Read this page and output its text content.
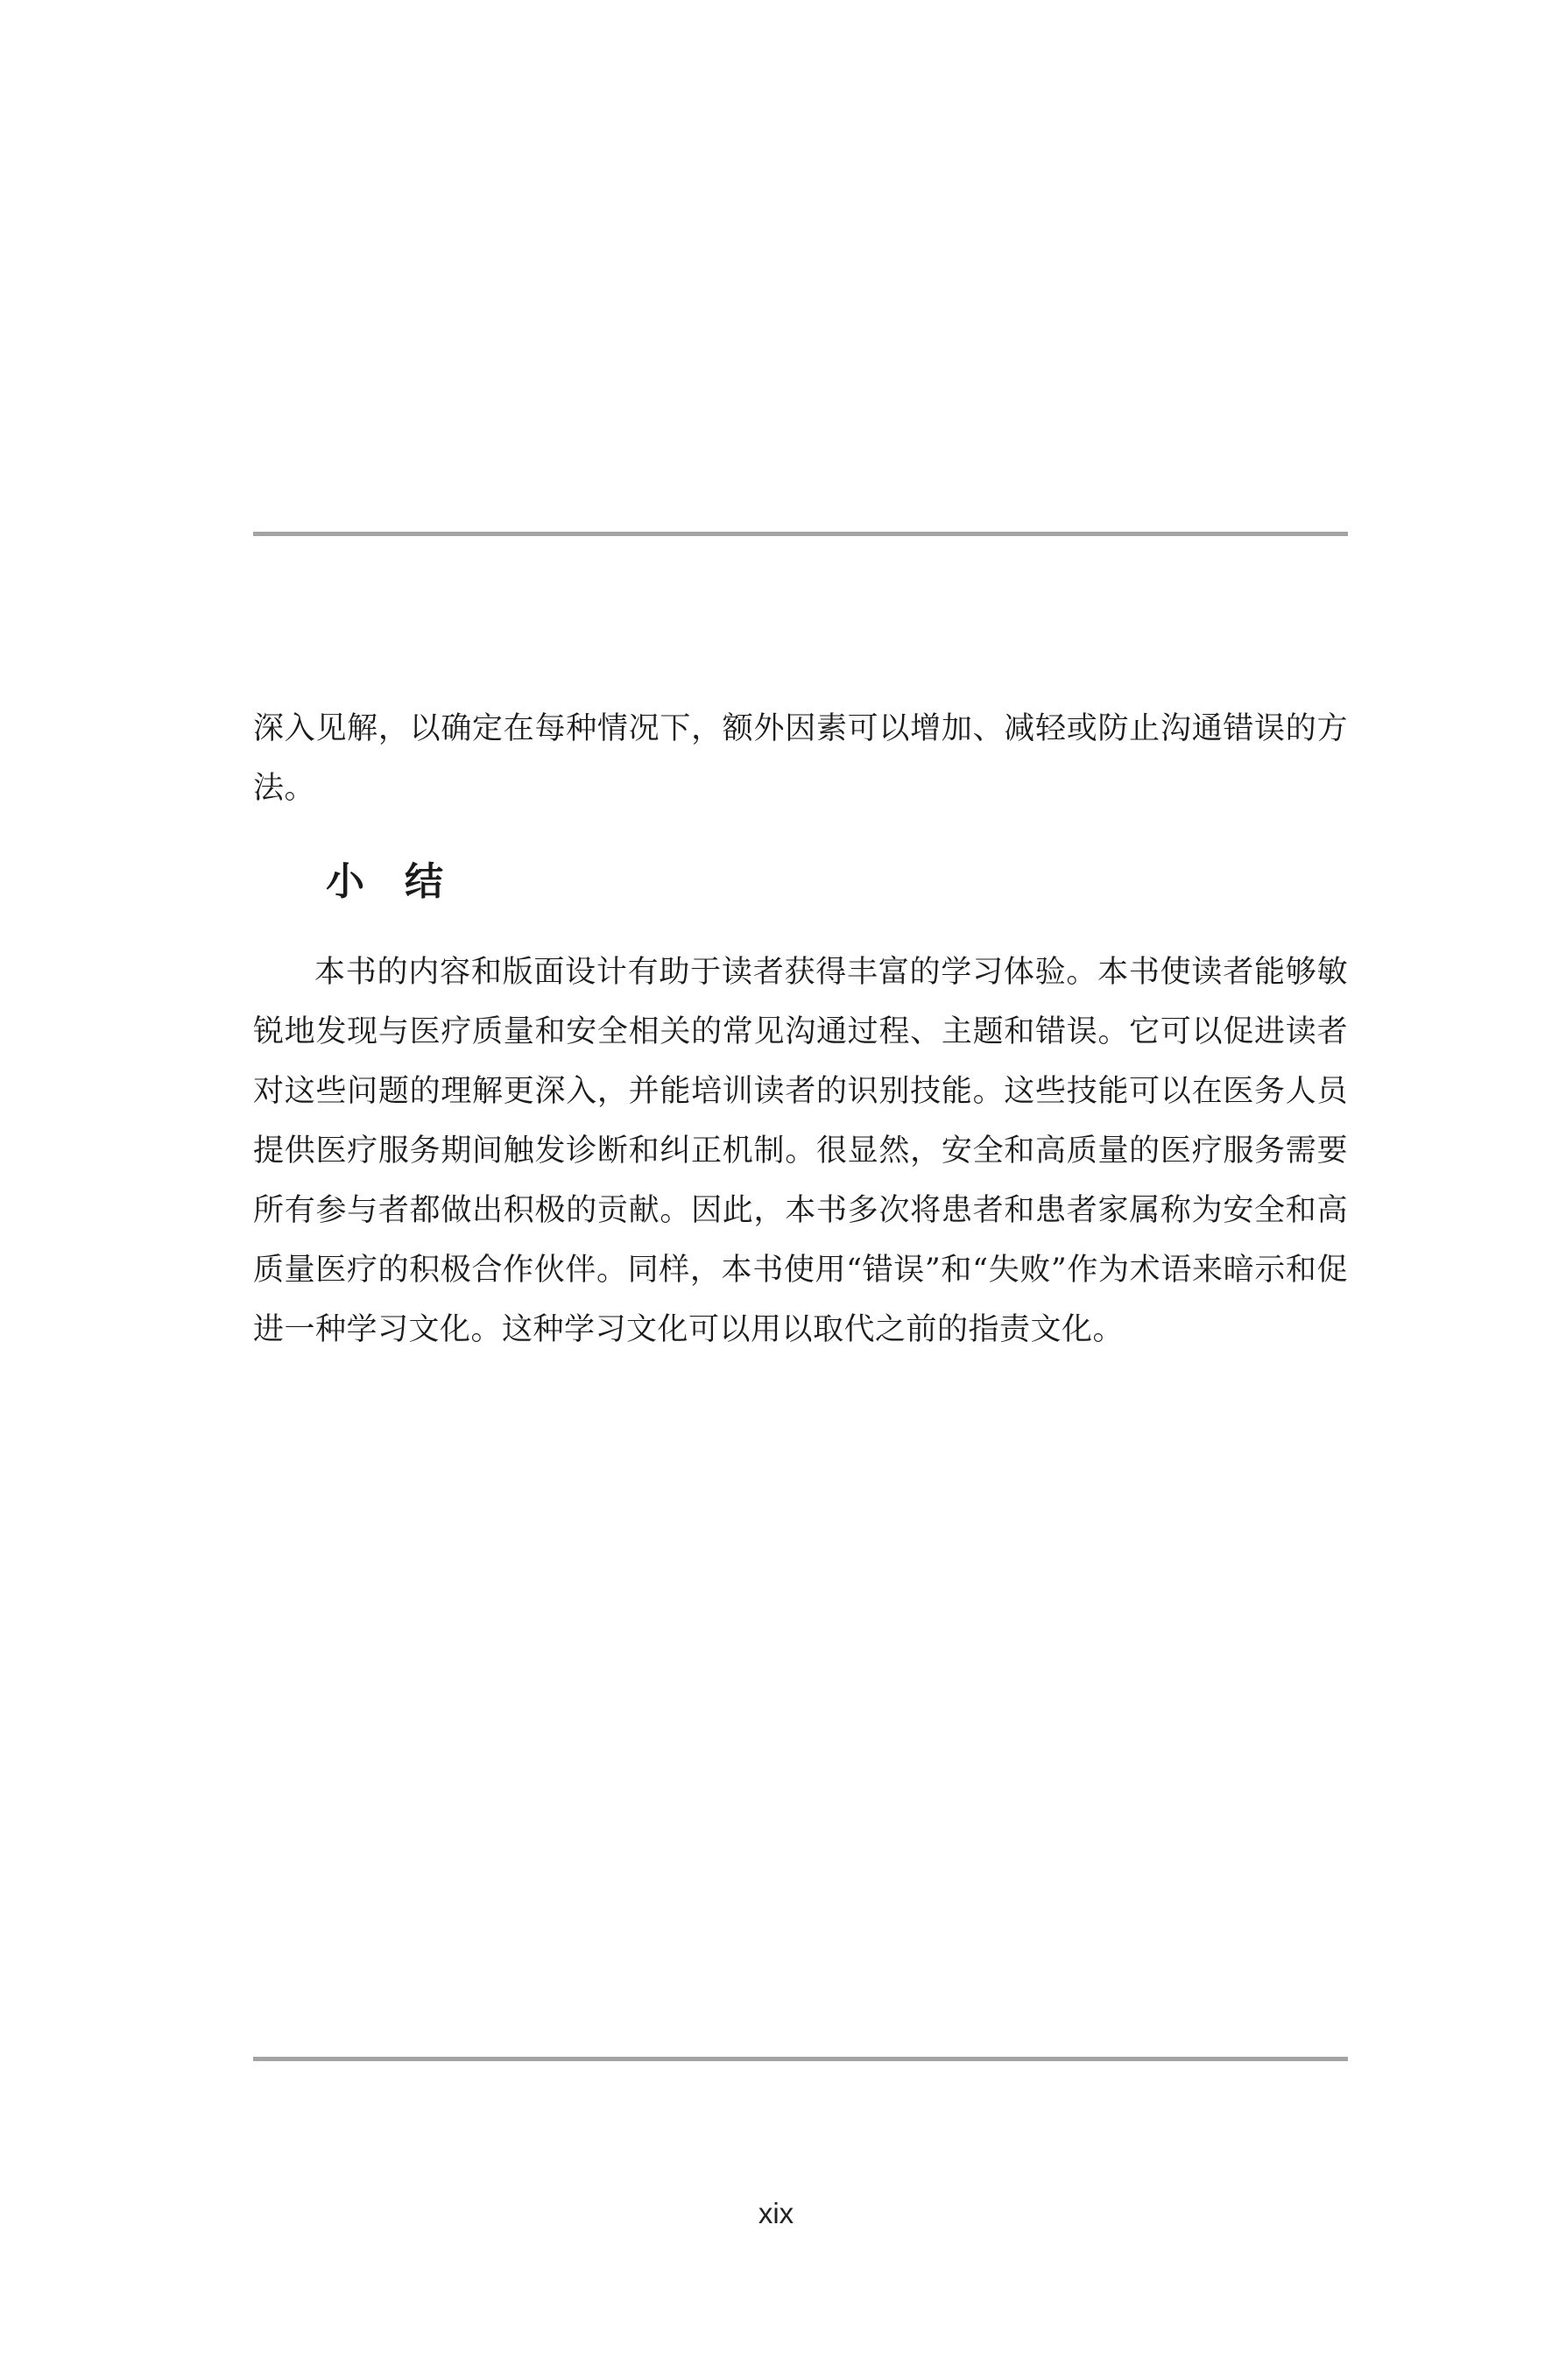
深入见解，以确定在每种情况下，额外因素可以增加、减轻或防止沟通错误的方法。

小结

本书的内容和版面设计有助于读者获得丰富的学习体验。本书使读者能够敏锐地发现与医疗质量和安全相关的常见沟通过程、主题和错误。它可以促进读者对这些问题的理解更深入，并能培训读者的识别技能。这些技能可以在医务人员提供医疗服务期间触发诊断和纠正机制。很显然，安全和高质量的医疗服务需要所有参与者都做出积极的贡献。因此，本书多次将患者和患者家属称为安全和高质量医疗的积极合作伙伴。同样，本书使用“错误”和“失败”作为术语来暗示和促进一种学习文化。这种学习文化可以用以取代之前的指责文化。

xix
